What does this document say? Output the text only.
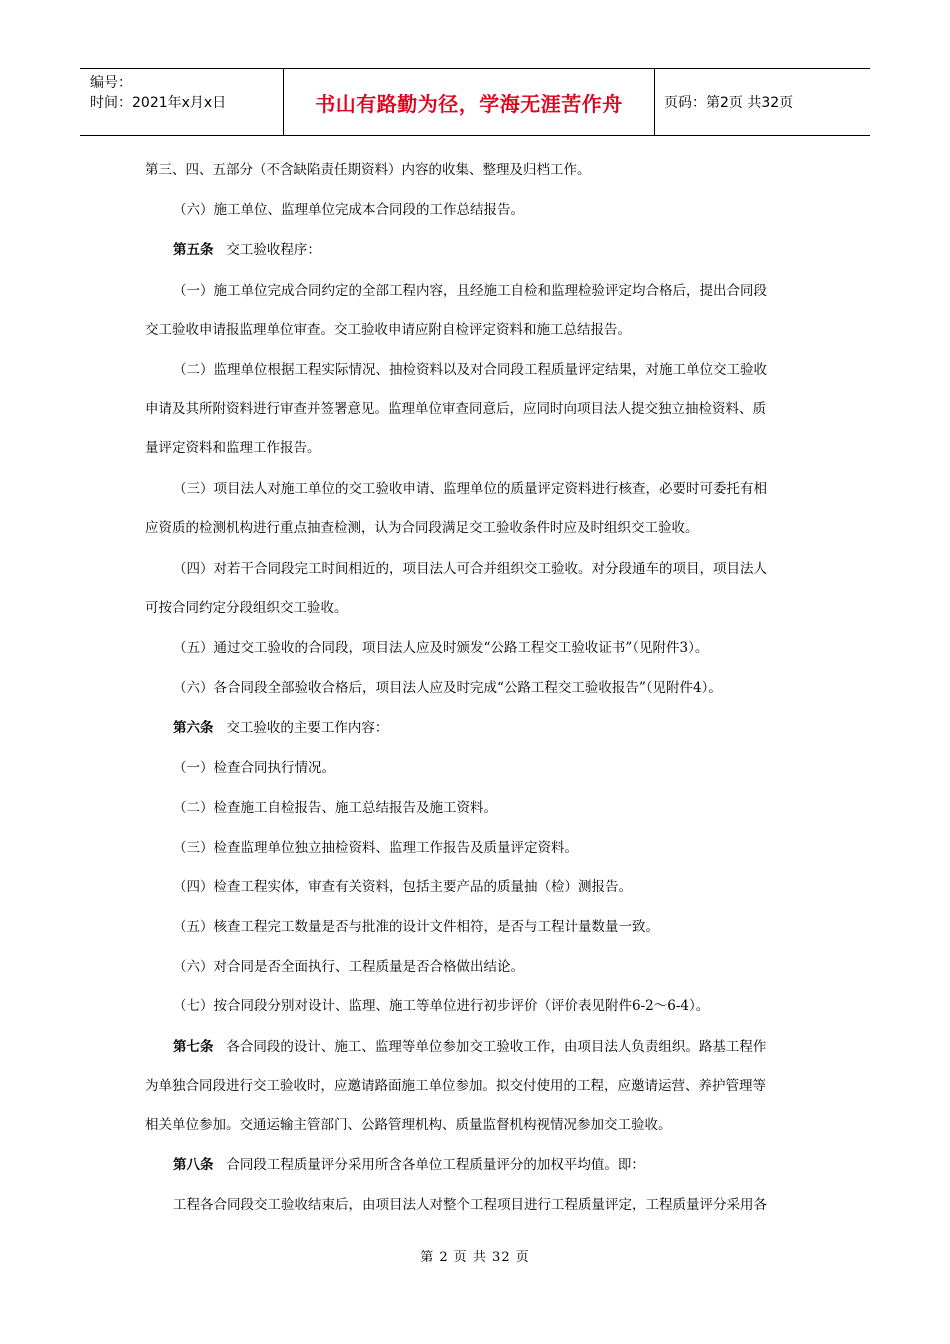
编号：
时间：2021年x月x日	书山有路勤为径，学海无涯苦作舟	页码：第2页 共32页
第三、四、五部分（不含缺陷责任期资料）内容的收集、整理及归档工作。
（六）施工单位、监理单位完成本合同段的工作总结报告。
第五条 交工验收程序：
（一）施工单位完成合同约定的全部工程内容，且经施工自检和监理检验评定均合格后，提出合同段
交工验收申请报监理单位审查。交工验收申请应附自检评定资料和施工总结报告。
（二）监理单位根据工程实际情况、抽检资料以及对合同段工程质量评定结果，对施工单位交工验收
申请及其所附资料进行审查并签署意见。监理单位审查同意后，应同时向项目法人提交独立抽检资料、质
量评定资料和监理工作报告。
（三）项目法人对施工单位的交工验收申请、监理单位的质量评定资料进行核查，必要时可委托有相
应资质的检测机构进行重点抽查检测，认为合同段满足交工验收条件时应及时组织交工验收。
（四）对若干合同段完工时间相近的，项目法人可合并组织交工验收。对分段通车的项目，项目法人
可按合同约定分段组织交工验收。
（五）通过交工验收的合同段，项目法人应及时颁发“公路工程交工验收证书”（见附件3）。
（六）各合同段全部验收合格后，项目法人应及时完成“公路工程交工验收报告”（见附件4）。
第六条 交工验收的主要工作内容：
（一）检查合同执行情况。
（二）检查施工自检报告、施工总结报告及施工资料。
（三）检查监理单位独立抽检资料、监理工作报告及质量评定资料。
（四）检查工程实体，审查有关资料，包括主要产品的质量抽（检）测报告。
（五）核查工程完工数量是否与批准的设计文件相符，是否与工程计量数量一致。
（六）对合同是否全面执行、工程质量是否合格做出结论。
（七）按合同段分别对设计、监理、施工等单位进行初步评价（评价表见附件6-2～6-4）。
第七条 各合同段的设计、施工、监理等单位参加交工验收工作，由项目法人负责组织。路基工程作
为单独合同段进行交工验收时，应邀请路面施工单位参加。拟交付使用的工程，应邀请运营、养护管理等
相关单位参加。交通运输主管部门、公路管理机构、质量监督机构视情况参加交工验收。
第八条 合同段工程质量评分采用所含各单位工程质量评分的加权平均值。即：
工程各合同段交工验收结束后，由项目法人对整个工程项目进行工程质量评定，工程质量评分采用各
第 2 页 共 32 页
